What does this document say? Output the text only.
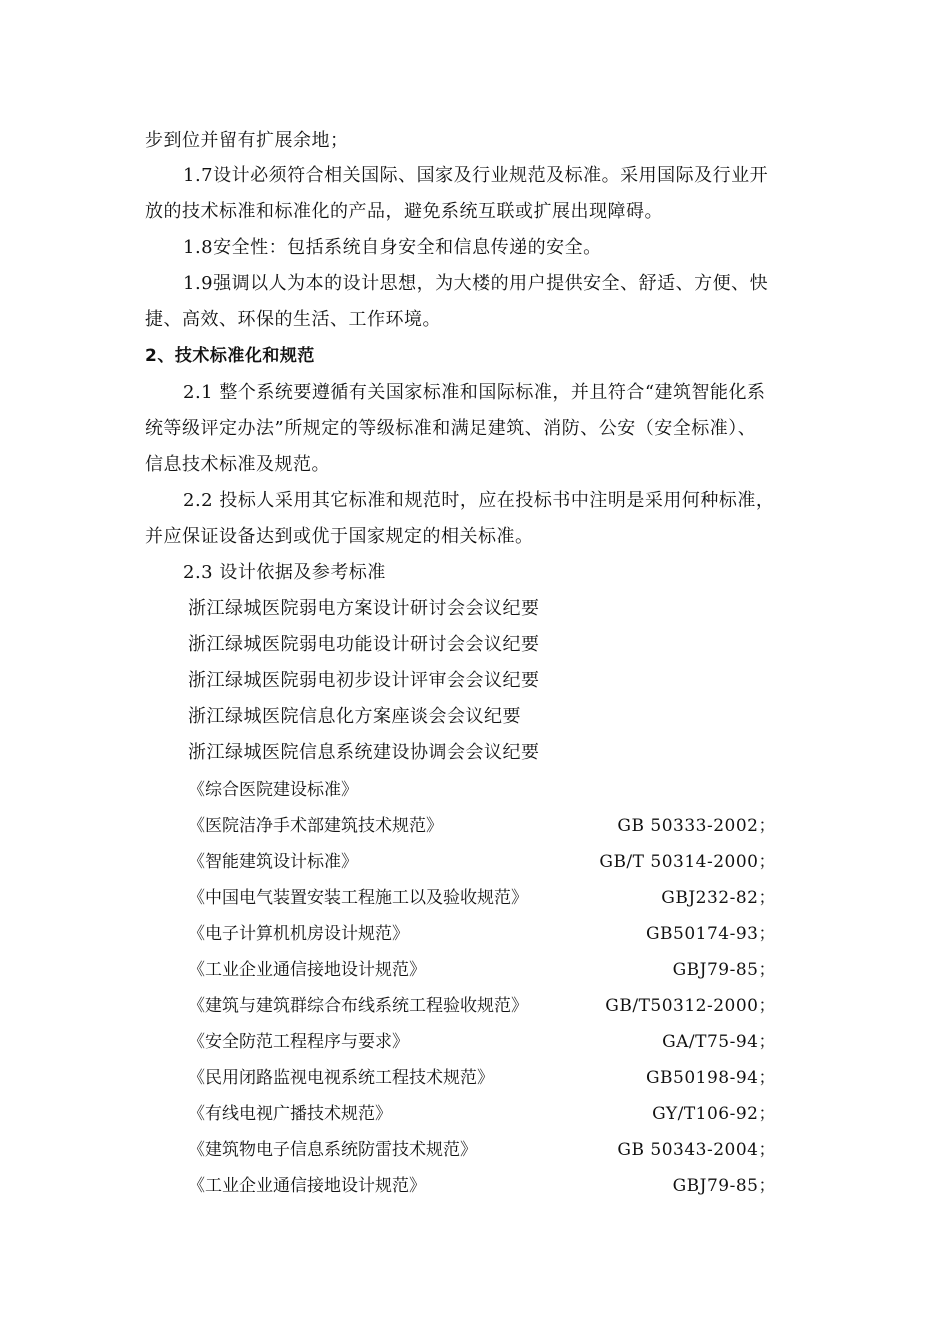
步到位并留有扩展余地；
1.7设计必须符合相关国际、国家及行业规范及标准。采用国际及行业开
放的技术标准和标准化的产品，避免系统互联或扩展出现障碍。
1.8安全性：包括系统自身安全和信息传递的安全。
1.9强调以人为本的设计思想，为大楼的用户提供安全、舒适、方便、快
捷、高效、环保的生活、工作环境。
2、技术标准化和规范
2.1 整个系统要遵循有关国家标准和国际标准，并且符合“建筑智能化系
统等级评定办法”所规定的等级标准和满足建筑、消防、公安（安全标准）、
信息技术标准及规范。
2.2 投标人采用其它标准和规范时，应在投标书中注明是采用何种标准，
并应保证设备达到或优于国家规定的相关标准。
2.3 设计依据及参考标准
浙江绿城医院弱电方案设计研讨会会议纪要
浙江绿城医院弱电功能设计研讨会会议纪要
浙江绿城医院弱电初步设计评审会会议纪要
浙江绿城医院信息化方案座谈会会议纪要
浙江绿城医院信息系统建设协调会会议纪要
《综合医院建设标准》
《医院洁净手术部建筑技术规范》	GB 50333-2002；
《智能建筑设计标准》	GB/T 50314-2000；
《中国电气装置安装工程施工以及验收规范》	GBJ232-82；
《电子计算机机房设计规范》	GB50174-93；
《工业企业通信接地设计规范》	GBJ79-85；
《建筑与建筑群综合布线系统工程验收规范》	GB/T50312-2000；
《安全防范工程程序与要求》	GA/T75-94；
《民用闭路监视电视系统工程技术规范》	GB50198-94；
《有线电视广播技术规范》	GY/T106-92；
《建筑物电子信息系统防雷技术规范》	GB 50343-2004；
《工业企业通信接地设计规范》	GBJ79-85；
